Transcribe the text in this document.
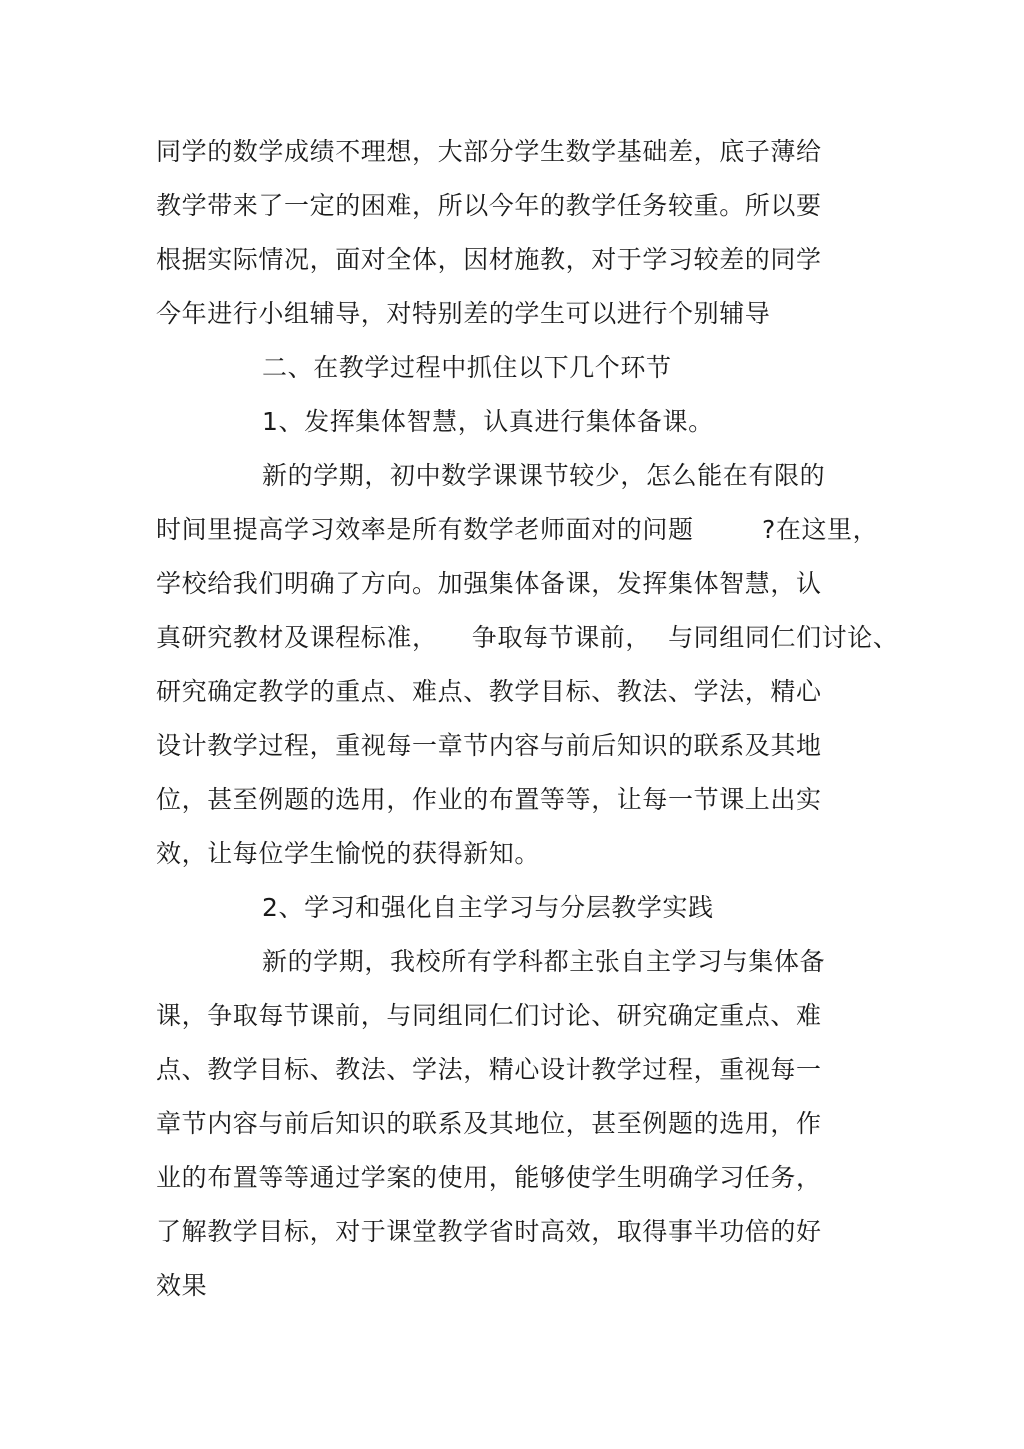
同学的数学成绩不理想，大部分学生数学基础差，底子薄给
教学带来了一定的困难，所以今年的教学任务较重。所以要
根据实际情况，面对全体，因材施教，对于学习较差的同学
今年进行小组辅导，对特别差的学生可以进行个别辅导
二、在教学过程中抓住以下几个环节
1、发挥集体智慧，认真进行集体备课。
新的学期，初中数学课课节较少，怎么能在有限的
时间里提高学习效率是所有数学老师面对的问题        ?在这里，
学校给我们明确了方向。加强集体备课，发挥集体智慧，认
真研究教材及课程标准，    争取每节课前，  与同组同仁们讨论、
研究确定教学的重点、难点、教学目标、教法、学法，精心
设计教学过程，重视每一章节内容与前后知识的联系及其地
位，甚至例题的选用，作业的布置等等，让每一节课上出实
效，让每位学生愉悦的获得新知。
2、学习和强化自主学习与分层教学实践
新的学期，我校所有学科都主张自主学习与集体备
课，争取每节课前，与同组同仁们讨论、研究确定重点、难
点、教学目标、教法、学法，精心设计教学过程，重视每一
章节内容与前后知识的联系及其地位，甚至例题的选用，作
业的布置等等通过学案的使用，能够使学生明确学习任务，
了解教学目标，对于课堂教学省时高效，取得事半功倍的好
效果
